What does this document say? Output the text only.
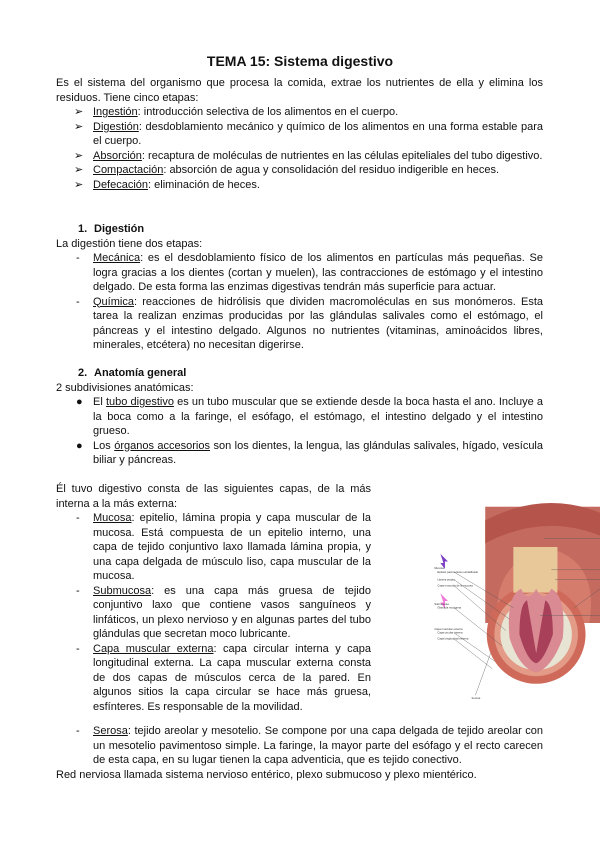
TEMA 15: Sistema digestivo
Es el sistema del organismo que procesa la comida, extrae los nutrientes de ella y elimina los residuos. Tiene cinco etapas:
➢ Ingestión: introducción selectiva de los alimentos en el cuerpo.
➢ Digestión: desdoblamiento mecánico y químico de los alimentos en una forma estable para el cuerpo.
➢ Absorción: recaptura de moléculas de nutrientes en las células epiteliales del tubo digestivo.
➢ Compactación: absorción de agua y consolidación del residuo indigerible en heces.
➢ Defecación: eliminación de heces.
1. Digestión
La digestión tiene dos etapas:
- Mecánica: es el desdoblamiento físico de los alimentos en partículas más pequeñas. Se logra gracias a los dientes (cortan y muelen), las contracciones de estómago y el intestino delgado. De esta forma las enzimas digestivas tendrán más superficie para actuar.
- Química: reacciones de hidrólisis que dividen macromoléculas en sus monómeros. Esta tarea la realizan enzimas producidas por las glándulas salivales como el estómago, el páncreas y el intestino delgado. Algunos no nutrientes (vitaminas, aminoácidos libres, minerales, etcétera) no necesitan digerirse.
2. Anatomía general
2 subdivisiones anatómicas:
● El tubo digestivo es un tubo muscular que se extiende desde la boca hasta el ano. Incluye a la boca como a la faringe, el esófago, el estómago, el intestino delgado y el intestino grueso.
● Los órganos accesorios son los dientes, la lengua, las glándulas salivales, hígado, vesícula biliar y páncreas.
Él tuvo digestivo consta de las siguientes capas, de la más interna a la más externa:
- Mucosa: epitelio, lámina propia y capa muscular de la mucosa. Está compuesta de un epitelio interno, una capa de tejido conjuntivo laxo llamada lámina propia, y una capa delgada de músculo liso, capa muscular de la mucosa.
- Submucosa: es una capa más gruesa de tejido conjuntivo laxo que contiene vasos sanguíneos y linfáticos, un plexo nervioso y en algunas partes del tubo glándulas que secretan moco lubricante.
- Capa muscular externa: capa circular interna y capa longitudinal externa. La capa muscular externa consta de dos capas de músculos cerca de la pared. En algunos sitios la capa circular se hace más gruesa, esfínteres. Es responsable de la movilidad.
- Serosa: tejido areolar y mesotelio. Se compone por una capa delgada de tejido areolar con un mesotelio pavimentoso simple. La faringe, la mayor parte del esófago y el recto carecen de esta capa, en su lugar tienen la capa adventicia, que es tejido conectivo.
Red nerviosa llamada sistema nervioso entérico, plexo submucoso y plexo mientérico.
Mucosa
Epitelio pavimentoso estratificado
Lámina propia
Capa muscular de la mucosa
Submucosa
Glándula mucígena
Capa muscular externa
Capa circular interna
Capa longitudinal externa
Serosa
